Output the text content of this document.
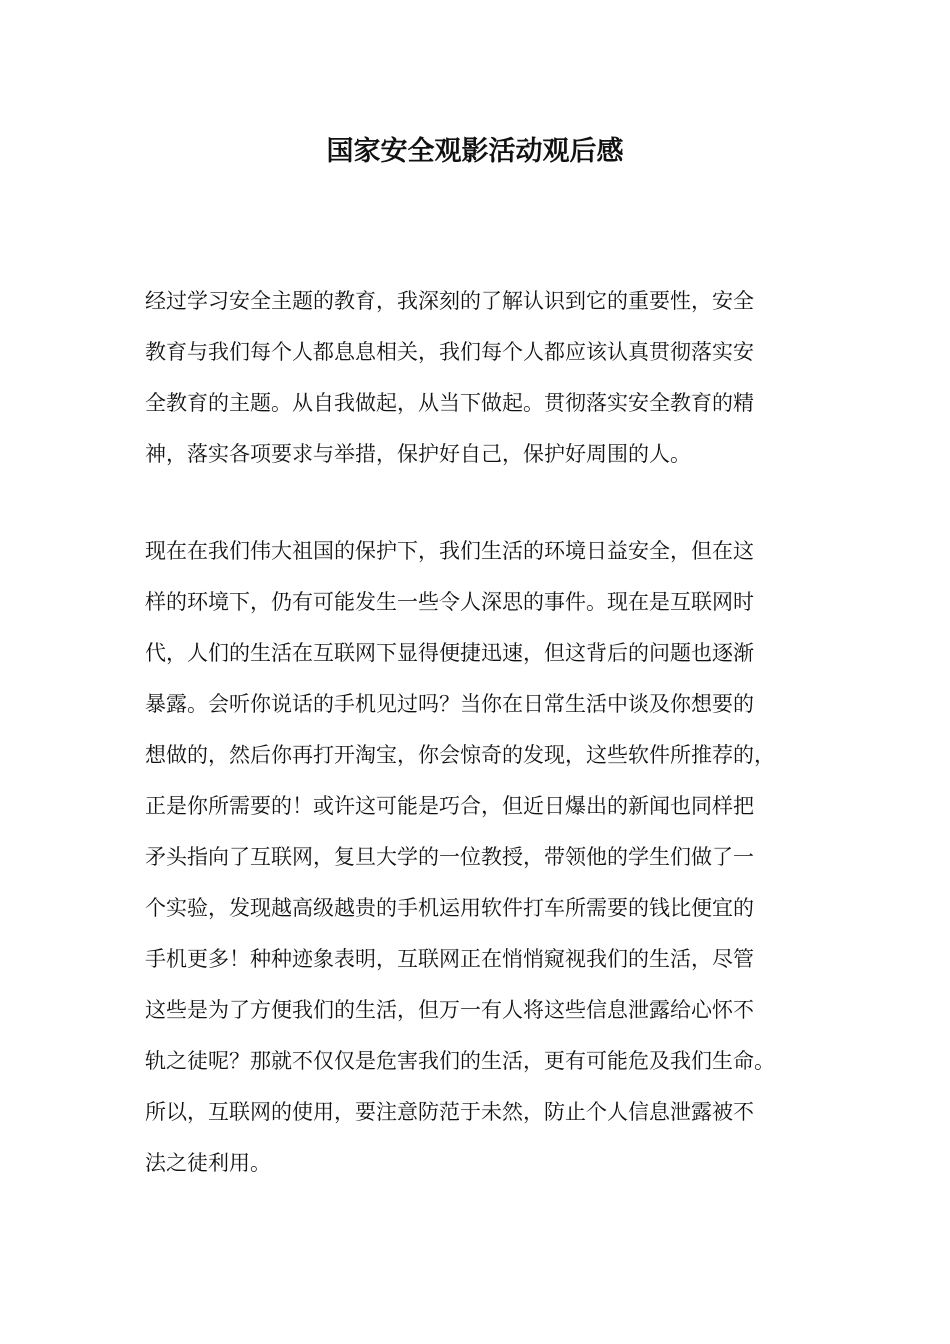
国家安全观影活动观后感
经过学习安全主题的教育，我深刻的了解认识到它的重要性，安全
教育与我们每个人都息息相关，我们每个人都应该认真贯彻落实安
全教育的主题。从自我做起，从当下做起。贯彻落实安全教育的精
神，落实各项要求与举措，保护好自己，保护好周围的人。
现在在我们伟大祖国的保护下，我们生活的环境日益安全，但在这
样的环境下，仍有可能发生一些令人深思的事件。现在是互联网时
代，人们的生活在互联网下显得便捷迅速，但这背后的问题也逐渐
暴露。会听你说话的手机见过吗？当你在日常生活中谈及你想要的
想做的，然后你再打开淘宝，你会惊奇的发现，这些软件所推荐的，
正是你所需要的！或许这可能是巧合，但近日爆出的新闻也同样把
矛头指向了互联网，复旦大学的一位教授，带领他的学生们做了一
个实验，发现越高级越贵的手机运用软件打车所需要的钱比便宜的
手机更多！种种迹象表明，互联网正在悄悄窥视我们的生活，尽管
这些是为了方便我们的生活，但万一有人将这些信息泄露给心怀不
轨之徒呢？那就不仅仅是危害我们的生活，更有可能危及我们生命。
所以，互联网的使用，要注意防范于未然，防止个人信息泄露被不
法之徒利用。
